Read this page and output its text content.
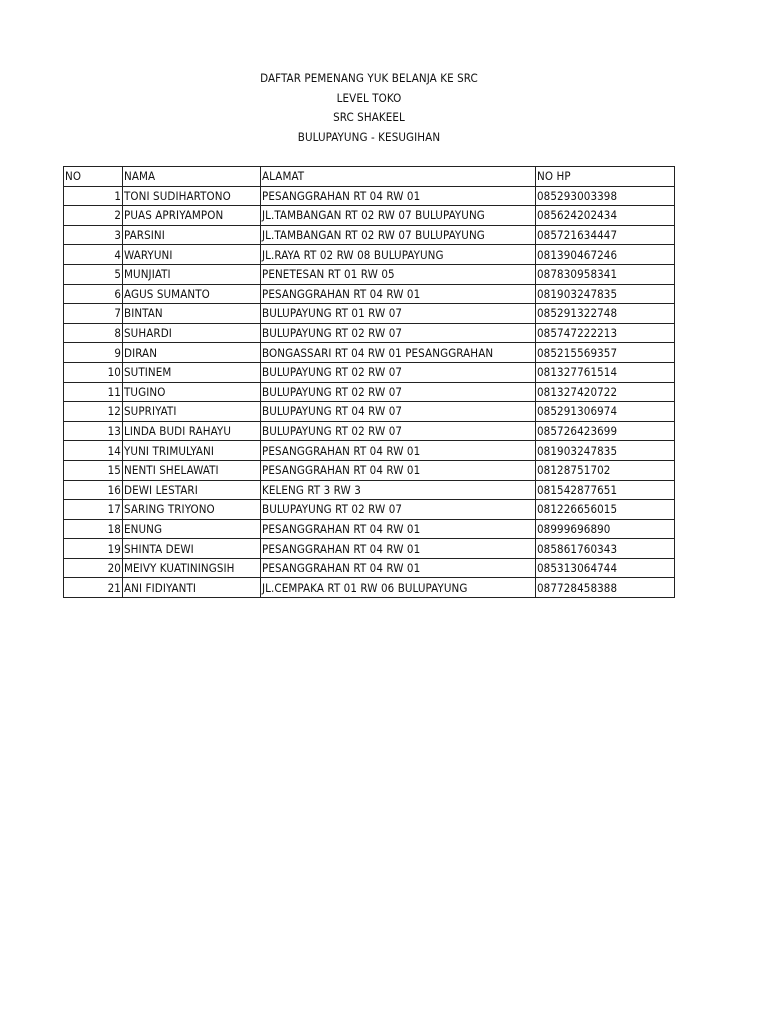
DAFTAR PEMENANG YUK BELANJA KE SRC
LEVEL TOKO
SRC SHAKEEL
BULUPAYUNG - KESUGIHAN
NO	NAMA	ALAMAT	NO HP
1	TONI SUDIHARTONO	PESANGGRAHAN RT 04 RW 01	085293003398
2	PUAS APRIYAMPON	JL.TAMBANGAN RT 02 RW 07 BULUPAYUNG	085624202434
3	PARSINI	JL.TAMBANGAN RT 02 RW 07 BULUPAYUNG	085721634447
4	WARYUNI	JL.RAYA RT 02 RW 08 BULUPAYUNG	081390467246
5	MUNJIATI	PENETESAN RT 01 RW 05	087830958341
6	AGUS SUMANTO	PESANGGRAHAN RT 04 RW 01	081903247835
7	BINTAN	BULUPAYUNG RT 01 RW 07	085291322748
8	SUHARDI	BULUPAYUNG RT 02 RW 07	085747222213
9	DIRAN	BONGASSARI RT 04 RW 01 PESANGGRAHAN	085215569357
10	SUTINEM	BULUPAYUNG RT 02 RW 07	081327761514
11	TUGINO	BULUPAYUNG RT 02 RW 07	081327420722
12	SUPRIYATI	BULUPAYUNG RT 04 RW 07	085291306974
13	LINDA BUDI RAHAYU	BULUPAYUNG RT 02 RW 07	085726423699
14	YUNI TRIMULYANI	PESANGGRAHAN RT 04 RW 01	081903247835
15	NENTI SHELAWATI	PESANGGRAHAN RT 04 RW 01	08128751702
16	DEWI LESTARI	KELENG RT 3 RW 3	081542877651
17	SARING TRIYONO	BULUPAYUNG RT 02 RW 07	081226656015
18	ENUNG	PESANGGRAHAN RT 04 RW 01	08999696890
19	SHINTA DEWI	PESANGGRAHAN RT 04 RW 01	085861760343
20	MEIVY KUATININGSIH	PESANGGRAHAN RT 04 RW 01	085313064744
21	ANI FIDIYANTI	JL.CEMPAKA RT 01 RW 06 BULUPAYUNG	087728458388
